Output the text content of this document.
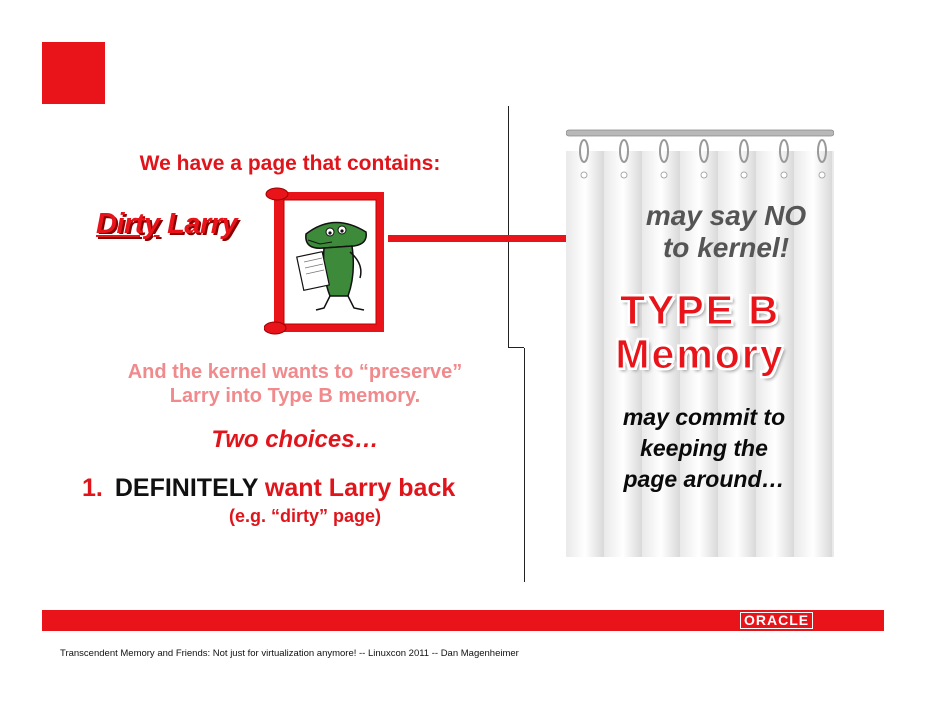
We have a page that contains:
Dirty Larry
And the kernel wants to “preserve”
Larry into Type B memory.
Two choices…
1. DEFINITELY want Larry back
(e.g. “dirty” page)
may say NO
to kernel!
TYPE B
Memory
may commit to
keeping the
page around…
ORACLE
Transcendent Memory and Friends: Not just for virtualization anymore! -- Linuxcon 2011 -- Dan Magenheimer
